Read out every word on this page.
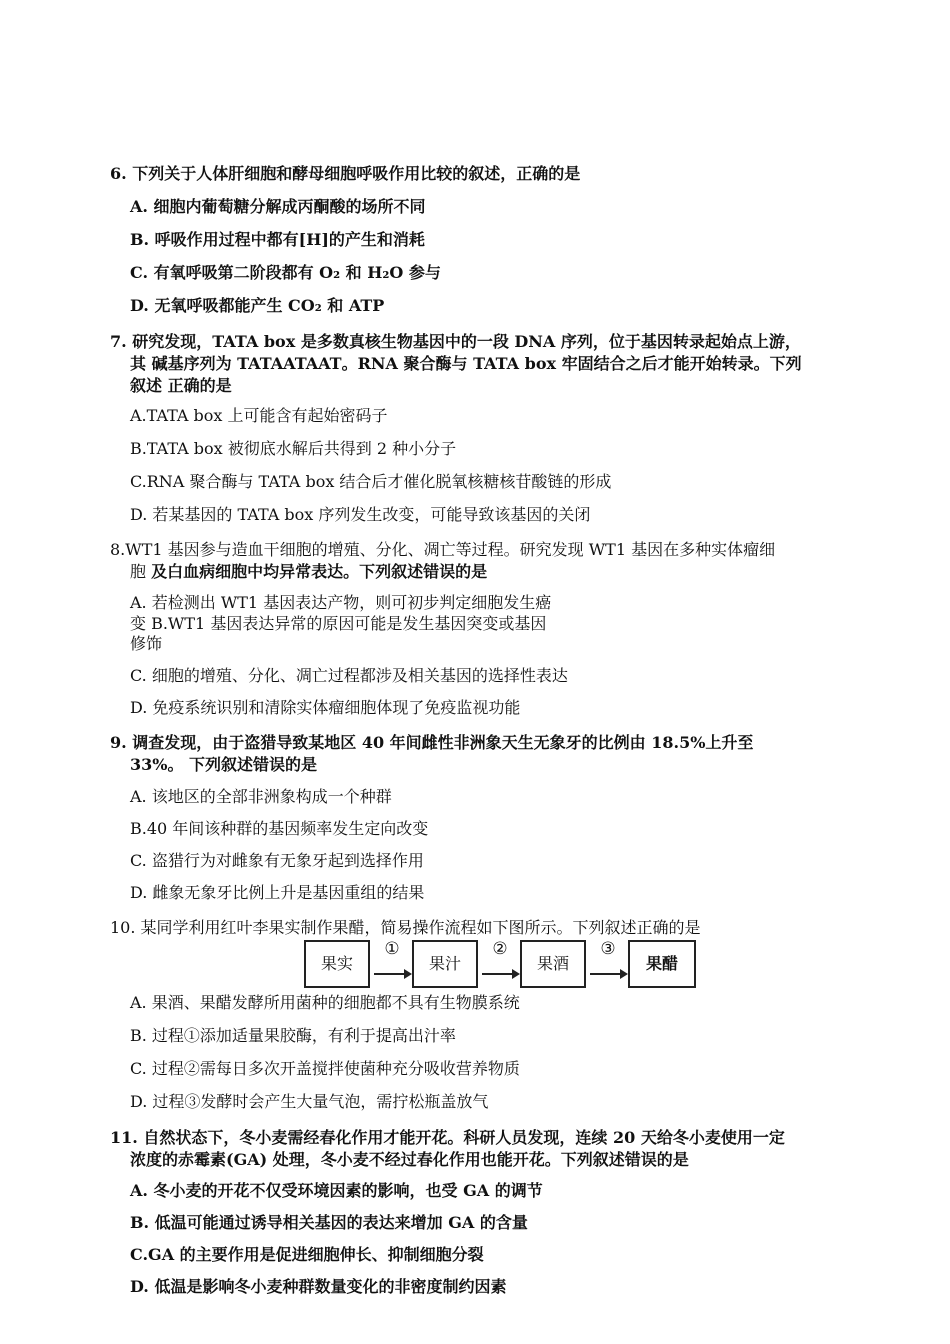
6. 下列关于人体肝细胞和酵母细胞呼吸作用比较的叙述，正确的是
A. 细胞内葡萄糖分解成丙酮酸的场所不同
B. 呼吸作用过程中都有[H]的产生和消耗
C. 有氧呼吸第二阶段都有 O₂ 和 H₂O 参与
D. 无氧呼吸都能产生 CO₂ 和 ATP
7. 研究发现，TATA box 是多数真核生物基因中的一段 DNA 序列，位于基因转录起始点上游，
其 碱基序列为 TATAATAAT。RNA 聚合酶与 TATA box 牢固结合之后才能开始转录。下列
叙述 正确的是
A.TATA box 上可能含有起始密码子
B.TATA box 被彻底水解后共得到 2 种小分子
C.RNA 聚合酶与 TATA box 结合后才催化脱氧核糖核苷酸链的形成
D. 若某基因的 TATA box 序列发生改变，可能导致该基因的关闭
8.WT1 基因参与造血干细胞的增殖、分化、凋亡等过程。研究发现 WT1 基因在多种实体瘤细
胞 及白血病细胞中均异常表达。下列叙述错误的是
A. 若检测出 WT1 基因表达产物，则可初步判定细胞发生癌
变 B.WT1 基因表达异常的原因可能是发生基因突变或基因
修饰
C. 细胞的增殖、分化、凋亡过程都涉及相关基因的选择性表达
D. 免疫系统识别和清除实体瘤细胞体现了免疫监视功能
9. 调查发现，由于盗猎导致某地区 40 年间雌性非洲象天生无象牙的比例由 18.5%上升至
33%。 下列叙述错误的是
A. 该地区的全部非洲象构成一个种群
B.40 年间该种群的基因频率发生定向改变
C. 盗猎行为对雌象有无象牙起到选择作用
D. 雌象无象牙比例上升是基因重组的结果
10. 某同学利用红叶李果实制作果醋，简易操作流程如下图所示。下列叙述正确的是
果实
①
果汁
②
果酒
③
果醋
A. 果酒、果醋发酵所用菌种的细胞都不具有生物膜系统
B. 过程①添加适量果胶酶，有利于提高出汁率
C. 过程②需每日多次开盖搅拌使菌种充分吸收营养物质
D. 过程③发酵时会产生大量气泡，需拧松瓶盖放气
11. 自然状态下，冬小麦需经春化作用才能开花。科研人员发现，连续 20 天给冬小麦使用一定
浓度的赤霉素(GA) 处理，冬小麦不经过春化作用也能开花。下列叙述错误的是
A. 冬小麦的开花不仅受环境因素的影响，也受 GA 的调节
B. 低温可能通过诱导相关基因的表达来增加 GA 的含量
C.GA 的主要作用是促进细胞伸长、抑制细胞分裂
D. 低温是影响冬小麦种群数量变化的非密度制约因素
